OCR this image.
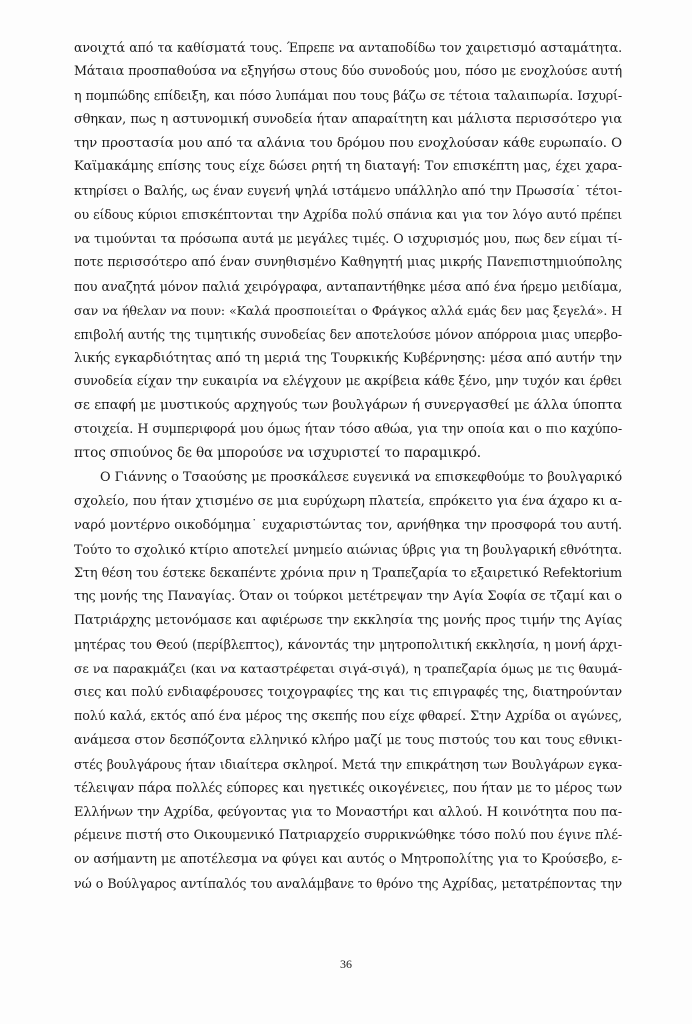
ανοιχτά από τα καθίσματά τους. Έπρεπε να ανταποδίδω τον χαιρετισμό ασταμάτητα.
Μάταια προσπαθούσα να εξηγήσω στους δύο συνοδούς μου, πόσο με ενοχλούσε αυτή
η πομπώδης επίδειξη, και πόσο λυπάμαι που τους βάζω σε τέτοια ταλαιπωρία. Ισχυρί-
σθηκαν, πως η αστυνομική συνοδεία ήταν απαραίτητη και μάλιστα περισσότερο για
την προστασία μου από τα αλάνια του δρόμου που ενοχλούσαν κάθε ευρωπαίο. Ο
Καϊμακάμης επίσης τους είχε δώσει ρητή τη διαταγή: Τον επισκέπτη μας, έχει χαρα-
κτηρίσει ο Βαλής, ως έναν ευγενή ψηλά ιστάμενο υπάλληλο από την Πρωσσία˙ τέτοι-
ου είδους κύριοι επισκέπτονται την Αχρίδα πολύ σπάνια και για τον λόγο αυτό πρέπει
να τιμούνται τα πρόσωπα αυτά με μεγάλες τιμές. Ο ισχυρισμός μου, πως δεν είμαι τί-
ποτε περισσότερο από έναν συνηθισμένο Καθηγητή μιας μικρής Πανεπιστημιούπολης
που αναζητά μόνον παλιά χειρόγραφα, ανταπαντήθηκε μέσα από ένα ήρεμο μειδίαμα,
σαν να ήθελαν να πουν: «Καλά προσποιείται ο Φράγκος αλλά εμάς δεν μας ξεγελά». Η
επιβολή αυτής της τιμητικής συνοδείας δεν αποτελούσε μόνον απόρροια μιας υπερβο-
λικής εγκαρδιότητας από τη μεριά της Τουρκικής Κυβέρνησης: μέσα από αυτήν την
συνοδεία είχαν την ευκαιρία να ελέγχουν με ακρίβεια κάθε ξένο, μην τυχόν και έρθει
σε επαφή με μυστικούς αρχηγούς των βουλγάρων ή συνεργασθεί με άλλα ύποπτα
στοιχεία. Η συμπεριφορά μου όμως ήταν τόσο αθώα, για την οποία και ο πιο καχύπο-
πτος σπιούνος δε θα μπορούσε να ισχυριστεί το παραμικρό.
Ο Γιάννης ο Τσαούσης με προσκάλεσε ευγενικά να επισκεφθούμε το βουλγαρικό
σχολείο, που ήταν χτισμένο σε μια ευρύχωρη πλατεία, επρόκειτο για ένα άχαρο κι α-
ναρό μοντέρνο οικοδόμημα˙ ευχαριστώντας τον, αρνήθηκα την προσφορά του αυτή.
Τούτο το σχολικό κτίριο αποτελεί μνημείο αιώνιας ύβρις για τη βουλγαρική εθνότητα.
Στη θέση του έστεκε δεκαπέντε χρόνια πριν η Τραπεζαρία το εξαιρετικό Refektorium
της μονής της Παναγίας. Όταν οι τούρκοι μετέτρεψαν την Αγία Σοφία σε τζαμί και ο
Πατριάρχης μετονόμασε και αφιέρωσε την εκκλησία της μονής προς τιμήν της Αγίας
μητέρας του Θεού (περίβλεπτος), κάνοντάς την μητροπολιτική εκκλησία, η μονή άρχι-
σε να παρακμάζει (και να καταστρέφεται σιγά-σιγά), η τραπεζαρία όμως με τις θαυμά-
σιες και πολύ ενδιαφέρουσες τοιχογραφίες της και τις επιγραφές της, διατηρούνταν
πολύ καλά, εκτός από ένα μέρος της σκεπής που είχε φθαρεί. Στην Αχρίδα οι αγώνες,
ανάμεσα στον δεσπόζοντα ελληνικό κλήρο μαζί με τους πιστούς του και τους εθνικι-
στές βουλγάρους ήταν ιδιαίτερα σκληροί. Μετά την επικράτηση των Βουλγάρων εγκα-
τέλειψαν πάρα πολλές εύπορες και ηγετικές οικογένειες, που ήταν με το μέρος των
Ελλήνων την Αχρίδα, φεύγοντας για το Μοναστήρι και αλλού. Η κοινότητα που πα-
ρέμεινε πιστή στο Οικουμενικό Πατριαρχείο συρρικνώθηκε τόσο πολύ που έγινε πλέ-
ον ασήμαντη με αποτέλεσμα να φύγει και αυτός ο Μητροπολίτης για το Κρούσεβο, ε-
νώ ο Βούλγαρος αντίπαλός του αναλάμβανε το θρόνο της Αχρίδας, μετατρέποντας την
36
